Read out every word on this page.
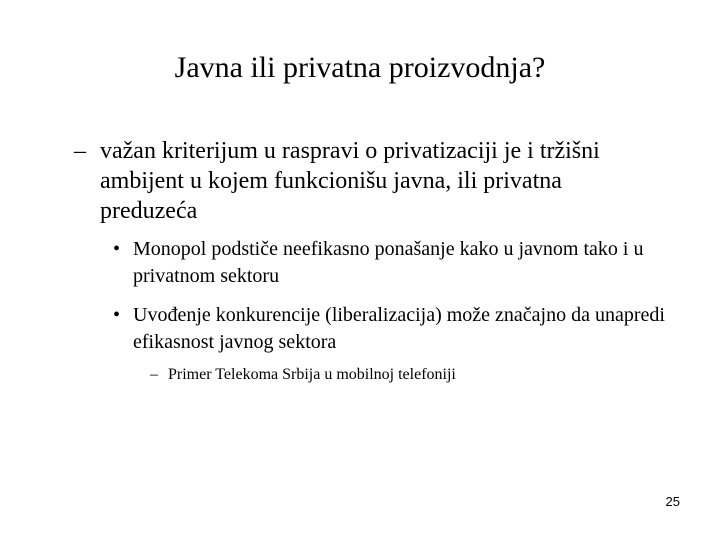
Javna ili privatna proizvodnja?
– važan kriterijum u raspravi o privatizaciji je i tržišni ambijent u kojem funkcionišu javna, ili privatna preduzeća
• Monopol podstiče neefikasno ponašanje kako u javnom tako i u privatnom sektoru
• Uvođenje konkurencije (liberalizacija) može značajno da unapredi efikasnost javnog sektora
– Primer Telekoma Srbija u mobilnoj telefoniji
25
